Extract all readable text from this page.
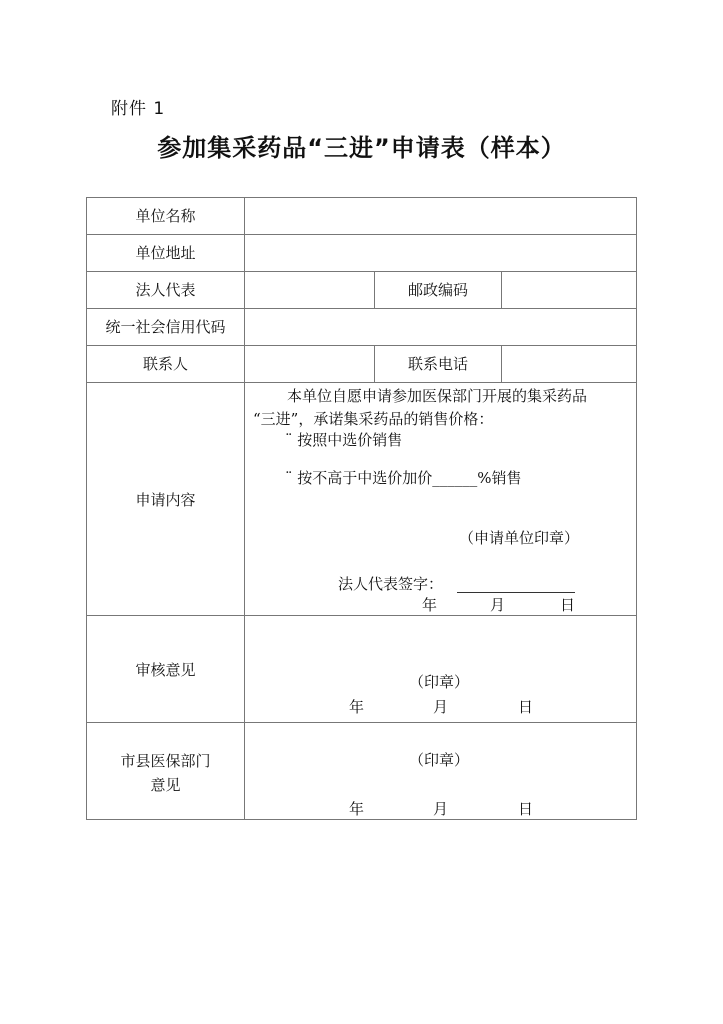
附件 1
参加集采药品“三进”申请表（样本）
单位名称
单位地址
法人代表	邮政编码
统一社会信用代码
联系人	联系电话
申请内容
本单位自愿申请参加医保部门开展的集采药品
“三进”，承诺集采药品的销售价格：
¨ 按照中选价销售
¨ 按不高于中选价加价______%销售
（申请单位印章）
法人代表签字：
年	月	日
审核意见
（印章）
年	月	日
市县医保部门
意见
（印章）
年	月	日
